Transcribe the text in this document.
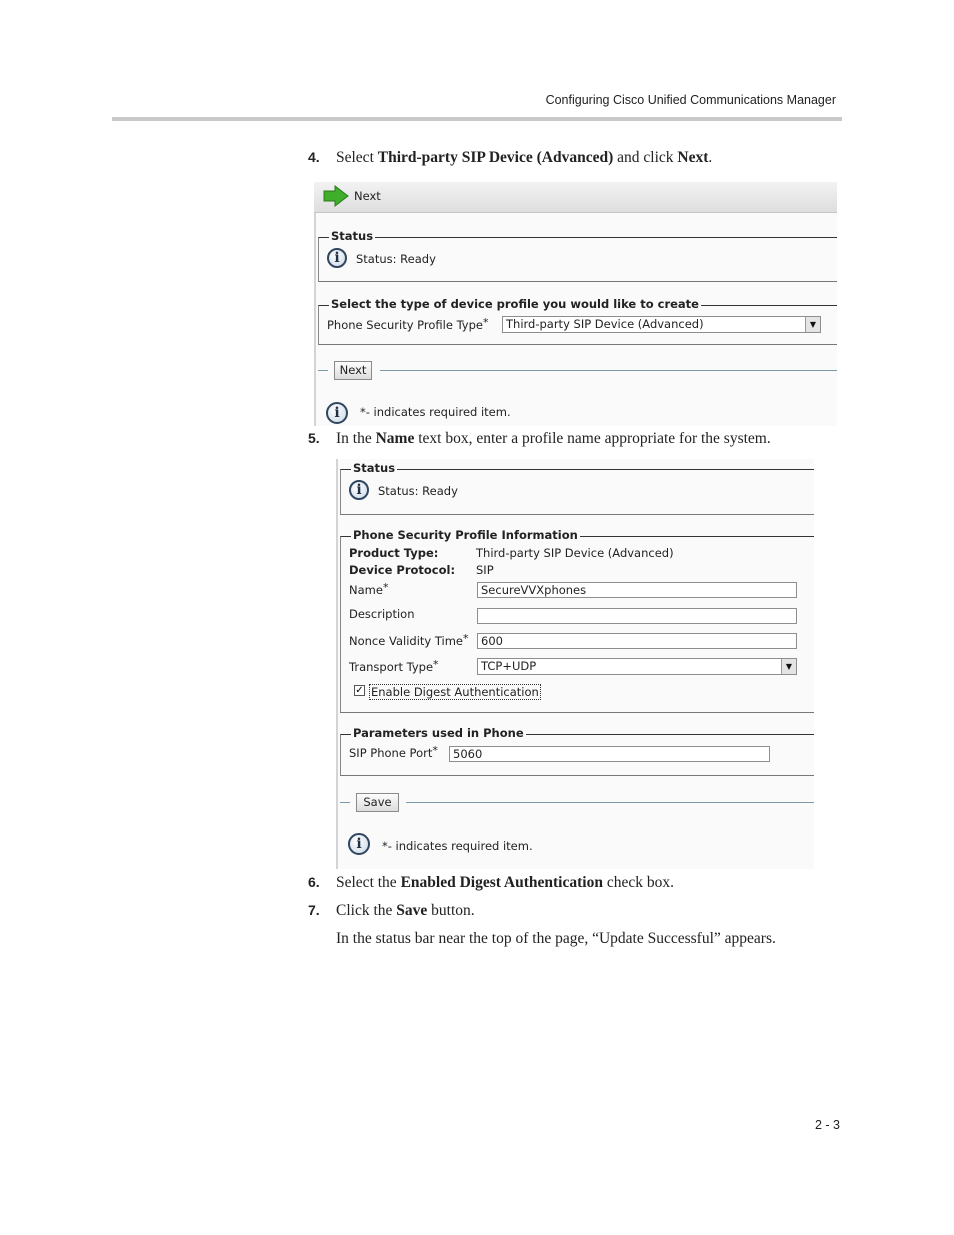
Configuring Cisco Unified Communications Manager
4. Select Third-party SIP Device (Advanced) and click Next.
Next
Status
i	Status: Ready
Select the type of device profile you would like to create
Phone Security Profile Type*	Third-party SIP Device (Advanced)	▼
Next
i	*- indicates required item.
5. In the Name text box, enter a profile name appropriate for the system.
Status
i	Status: Ready
Phone Security Profile Information
Product Type:	Third-party SIP Device (Advanced)
Device Protocol: SIP
Name*	SecureVVXphones
Description
Nonce Validity Time*	600
Transport Type*	TCP+UDP	▼
✓ Enable Digest Authentication
Parameters used in Phone
SIP Phone Port*	5060
Save
i	*- indicates required item.
6. Select the Enabled Digest Authentication check box.
7. Click the Save button.
In the status bar near the top of the page, “Update Successful” appears.
2 - 3
